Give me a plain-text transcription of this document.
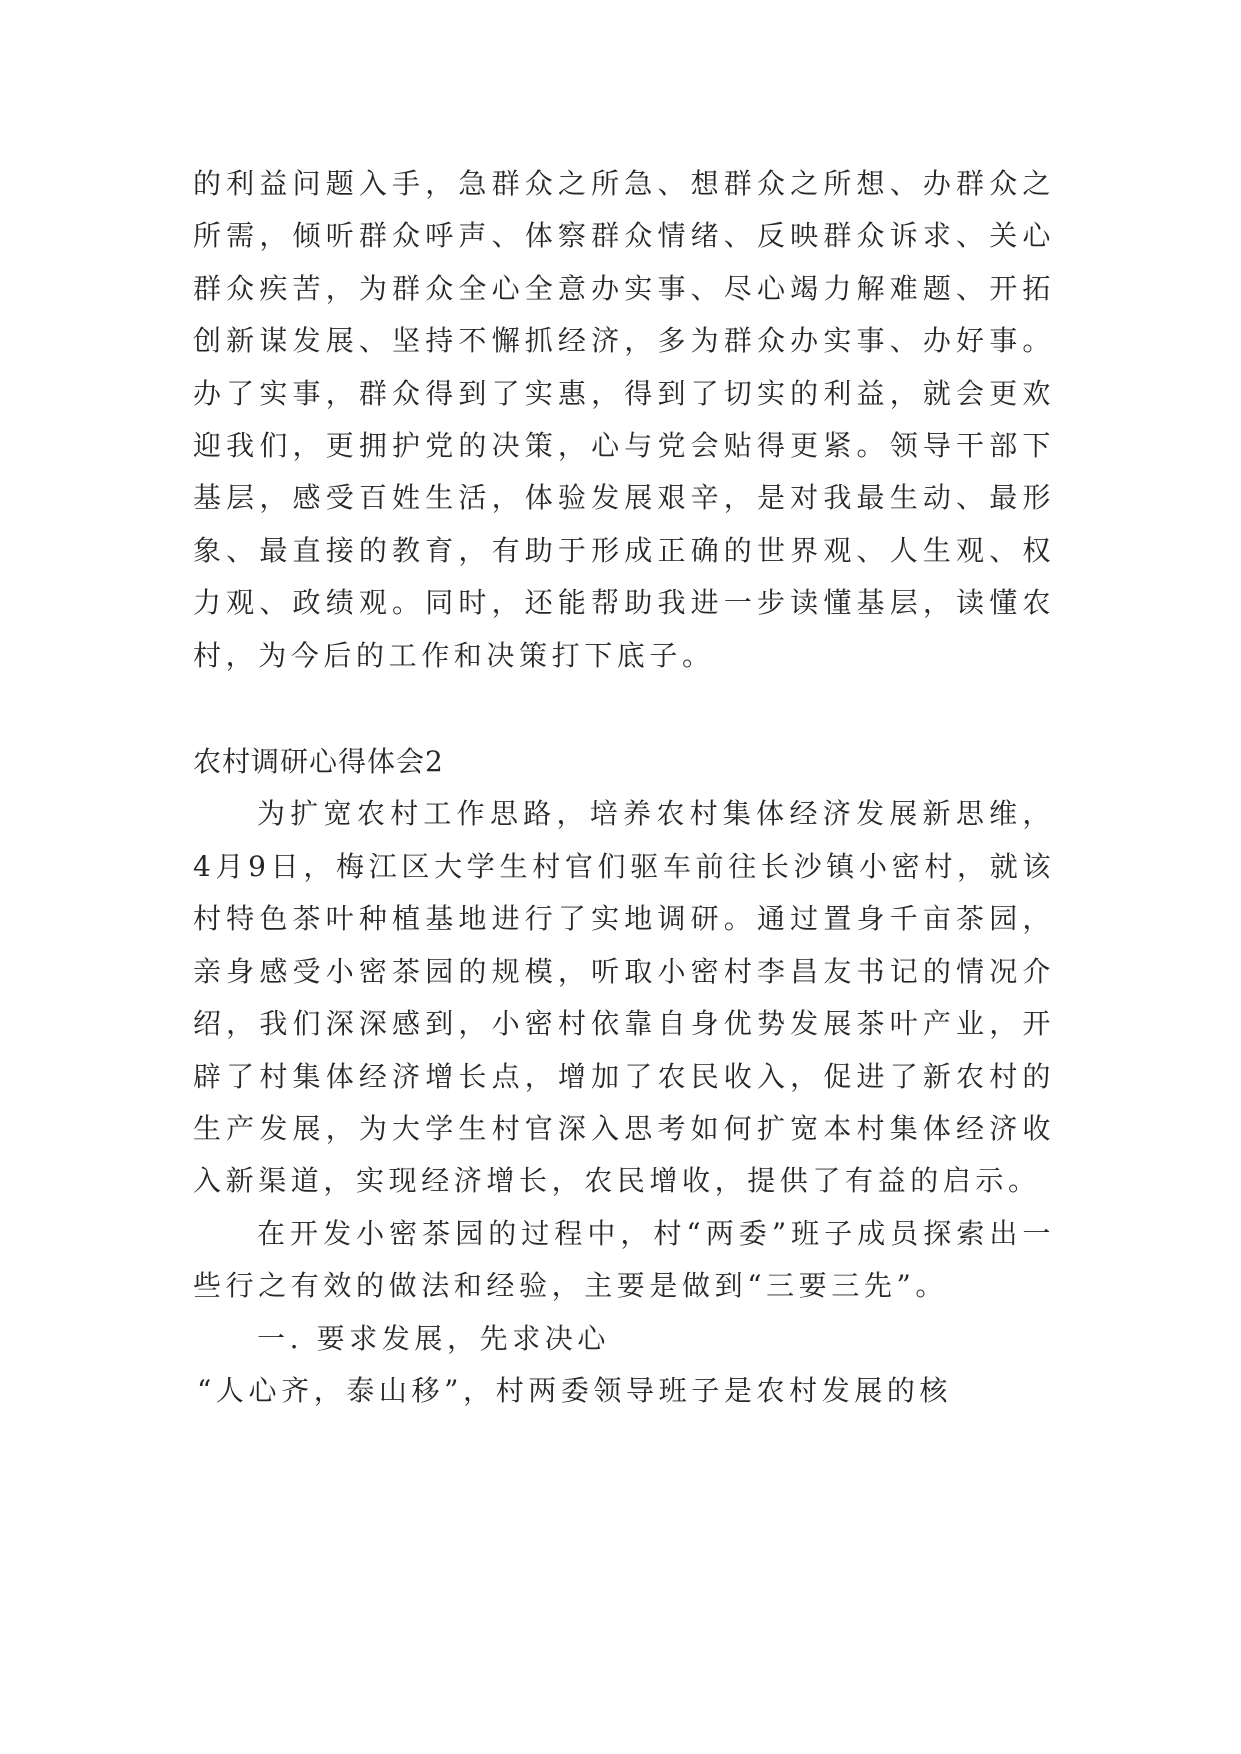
的利益问题入手，急群众之所急、想群众之所想、办群众之所需，倾听群众呼声、体察群众情绪、反映群众诉求、关心群众疾苦，为群众全心全意办实事、尽心竭力解难题、开拓创新谋发展、坚持不懈抓经济，多为群众办实事、办好事。办了实事，群众得到了实惠，得到了切实的利益，就会更欢迎我们，更拥护党的决策，心与党会贴得更紧。领导干部下基层，感受百姓生活，体验发展艰辛，是对我最生动、最形象、最直接的教育，有助于形成正确的世界观、人生观、权力观、政绩观。同时，还能帮助我进一步读懂基层，读懂农村，为今后的工作和决策打下底子。

农村调研心得体会2

为扩宽农村工作思路，培养农村集体经济发展新思维，4月9日，梅江区大学生村官们驱车前往长沙镇小密村，就该村特色茶叶种植基地进行了实地调研。通过置身千亩茶园，亲身感受小密茶园的规模，听取小密村李昌友书记的情况介绍，我们深深感到，小密村依靠自身优势发展茶叶产业，开辟了村集体经济增长点，增加了农民收入，促进了新农村的生产发展，为大学生村官深入思考如何扩宽本村集体经济收入新渠道，实现经济增长，农民增收，提供了有益的启示。

在开发小密茶园的过程中，村“两委”班子成员探索出一些行之有效的做法和经验，主要是做到“三要三先”。

一. 要求发展，先求决心

“人心齐，泰山移”，村两委领导班子是农村发展的核
